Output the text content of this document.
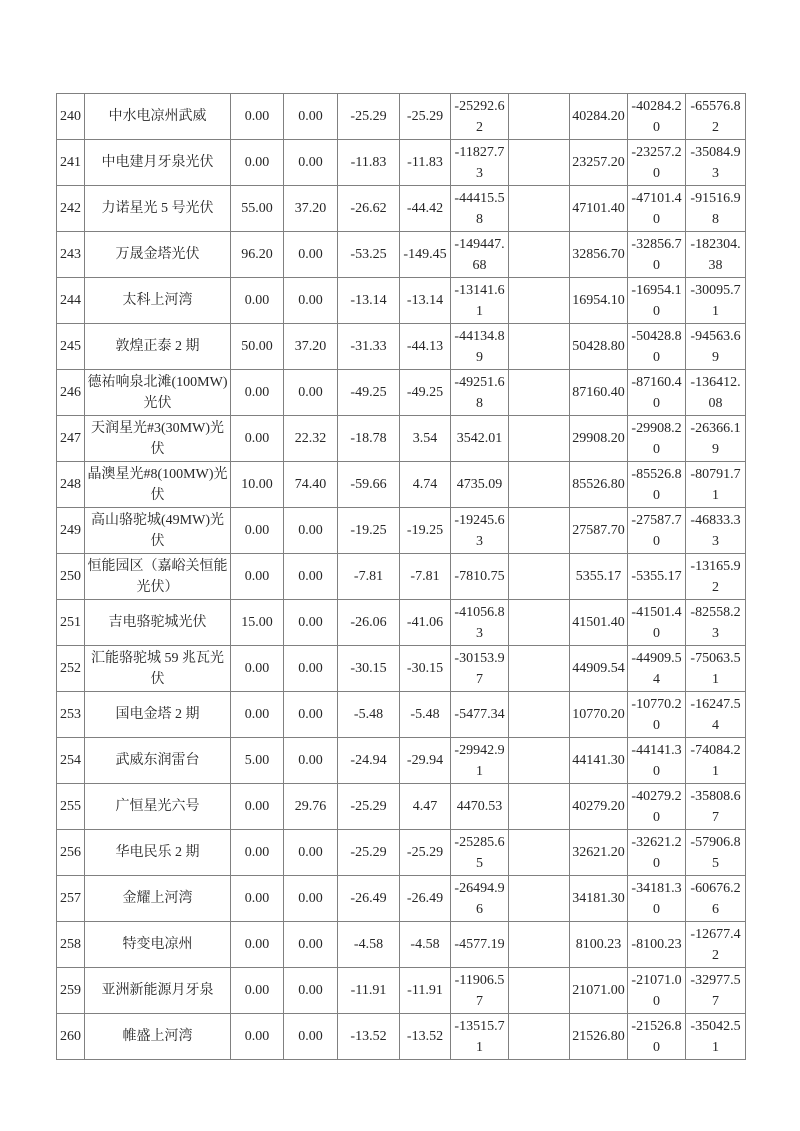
240	中水电凉州武威	0.00	0.00	-25.29	-25.29	-25292.62		40284.20	-40284.20	-65576.82
241	中电建月牙泉光伏	0.00	0.00	-11.83	-11.83	-11827.73		23257.20	-23257.20	-35084.93
242	力诺星光 5 号光伏	55.00	37.20	-26.62	-44.42	-44415.58		47101.40	-47101.40	-91516.98
243	万晟金塔光伏	96.20	0.00	-53.25	-149.45	-149447.68		32856.70	-32856.70	-182304.38
244	太科上河湾	0.00	0.00	-13.14	-13.14	-13141.61		16954.10	-16954.10	-30095.71
245	敦煌正泰 2 期	50.00	37.20	-31.33	-44.13	-44134.89		50428.80	-50428.80	-94563.69
246	德祐响泉北滩(100MW)光伏	0.00	0.00	-49.25	-49.25	-49251.68		87160.40	-87160.40	-136412.08
247	天润星光#3(30MW)光伏	0.00	22.32	-18.78	3.54	3542.01		29908.20	-29908.20	-26366.19
248	晶澳星光#8(100MW)光伏	10.00	74.40	-59.66	4.74	4735.09		85526.80	-85526.80	-80791.71
249	高山骆驼城(49MW)光伏	0.00	0.00	-19.25	-19.25	-19245.63		27587.70	-27587.70	-46833.33
250	恒能园区（嘉峪关恒能光伏）	0.00	0.00	-7.81	-7.81	-7810.75		5355.17	-5355.17	-13165.92
251	吉电骆驼城光伏	15.00	0.00	-26.06	-41.06	-41056.83		41501.40	-41501.40	-82558.23
252	汇能骆驼城 59 兆瓦光伏	0.00	0.00	-30.15	-30.15	-30153.97		44909.54	-44909.54	-75063.51
253	国电金塔 2 期	0.00	0.00	-5.48	-5.48	-5477.34		10770.20	-10770.20	-16247.54
254	武威东润雷台	5.00	0.00	-24.94	-29.94	-29942.91		44141.30	-44141.30	-74084.21
255	广恒星光六号	0.00	29.76	-25.29	4.47	4470.53		40279.20	-40279.20	-35808.67
256	华电民乐 2 期	0.00	0.00	-25.29	-25.29	-25285.65		32621.20	-32621.20	-57906.85
257	金耀上河湾	0.00	0.00	-26.49	-26.49	-26494.96		34181.30	-34181.30	-60676.26
258	特变电凉州	0.00	0.00	-4.58	-4.58	-4577.19		8100.23	-8100.23	-12677.42
259	亚洲新能源月牙泉	0.00	0.00	-11.91	-11.91	-11906.57		21071.00	-21071.00	-32977.57
260	帷盛上河湾	0.00	0.00	-13.52	-13.52	-13515.71		21526.80	-21526.80	-35042.51
